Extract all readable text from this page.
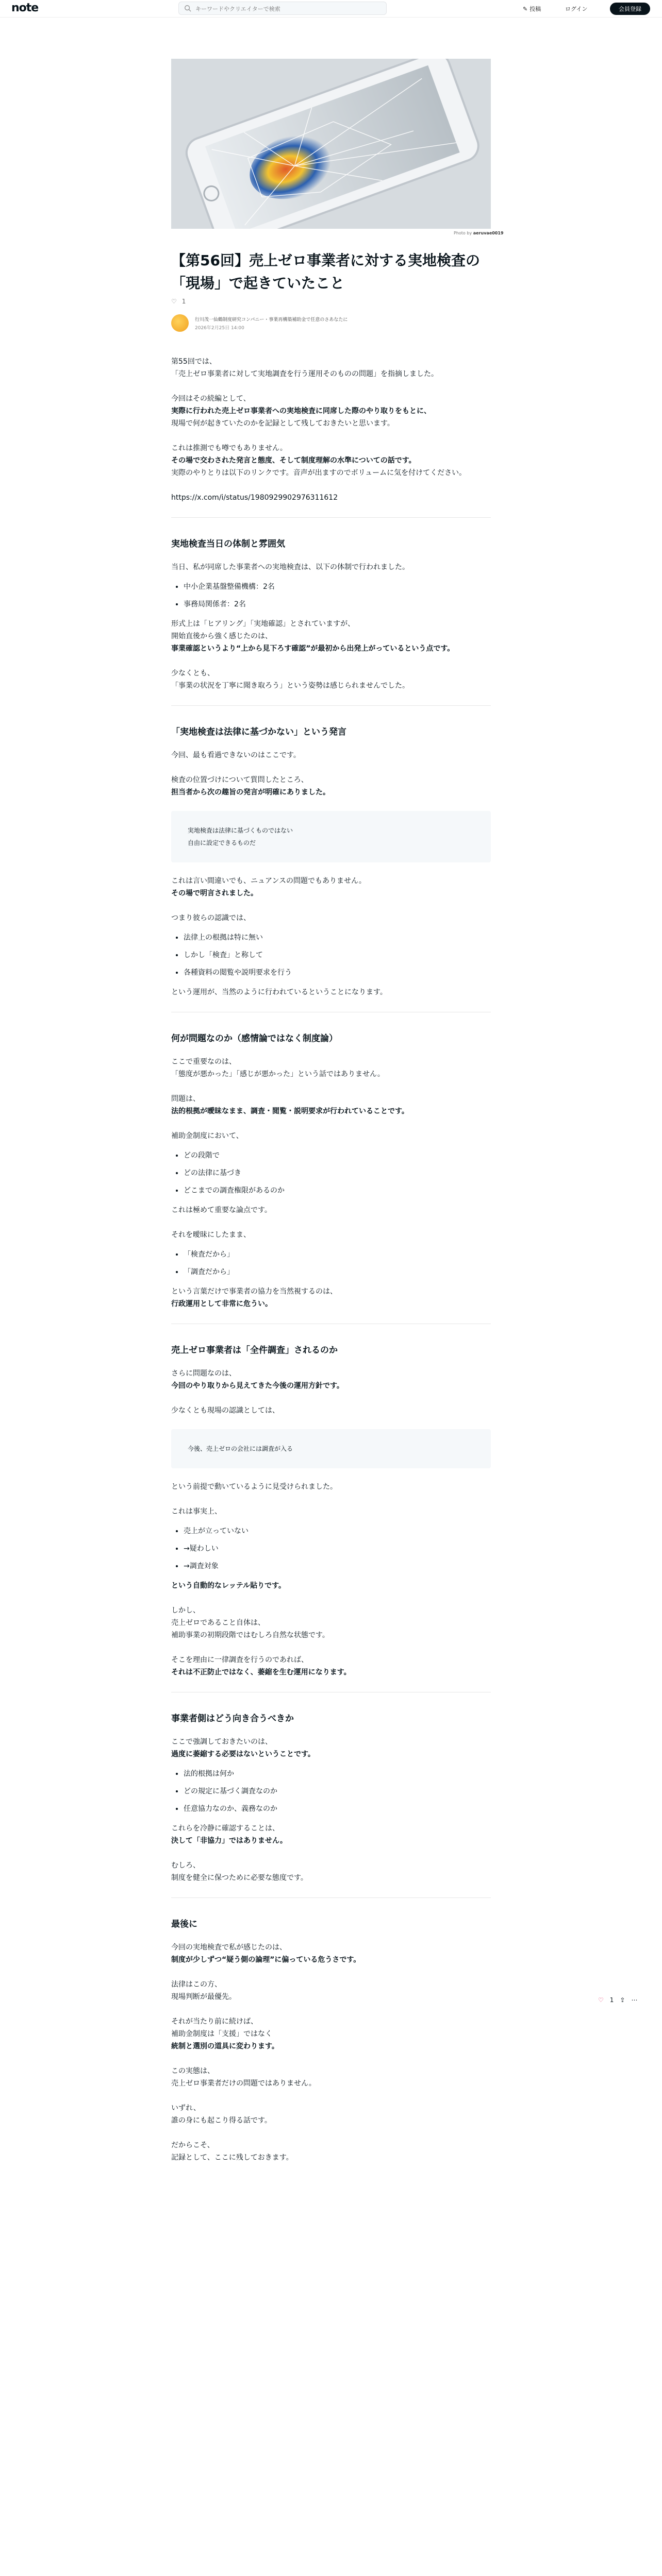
note
キーワードやクリエイターで検索	✎ 投稿	ログイン	会員登録
Photo by aeruvae0019
【第56回】売上ゼロ事業者に対する実地検査の「現場」で起きていたこと
♡ 1
行川茂一仙鶴制度研究コンパニー・事業再構築補助金で任意のさあなたに
2026年2月25日 14:00

第55回では、

「売上ゼロ事業者に対して実地調査を行う運用そのものの問題」を指摘しました。

今回はその続編として、

実際に行われた売上ゼロ事業者への実地検査に同席した際のやり取りをもとに、

現場で何が起きていたのかを記録として残しておきたいと思います。

これは推測でも噂でもありません。

その場で交わされた発言と態度、そして制度理解の水準についての話です。

実際のやりとりは以下のリンクです。音声が出ますのでボリュームに気を付けてください。

https://x.com/i/status/1980929902976311612

実地検査当日の体制と雰囲気

当日、私が同席した事業者への実地検査は、以下の体制で行われました。

• 中小企業基盤整備機構：2名
• 事務局関係者：2名

形式上は「ヒアリング」「実地確認」とされていますが、

開始直後から強く感じたのは、

事業確認というより“上から見下ろす確認”が最初から出発上がっているという点です。

少なくとも、

「事業の状況を丁寧に聞き取ろう」という姿勢は感じられませんでした。

「実地検査は法律に基づかない」という発言

今回、最も看過できないのはここです。

検査の位置づけについて質問したところ、

担当者から次の趣旨の発言が明確にありました。

実地検査は法律に基づくものではない

自由に設定できるものだ

これは言い間違いでも、ニュアンスの問題でもありません。

その場で明言されました。

つまり彼らの認識では、

• 法律上の根拠は特に無い
• しかし「検査」と称して
• 各種資料の閲覧や説明要求を行う

という運用が、当然のように行われているということになります。

何が問題なのか（感情論ではなく制度論）

ここで重要なのは、

「態度が悪かった」「感じが悪かった」という話ではありません。

問題は、

法的根拠が曖昧なまま、調査・閲覧・説明要求が行われていることです。

補助金制度において、

• どの段階で
• どの法律に基づき
• どこまでの調査権限があるのか

これは極めて重要な論点です。

それを曖昧にしたまま、

• 「検査だから」
• 「調査だから」

という言葉だけで事業者の協力を当然視するのは、

行政運用として非常に危うい。

売上ゼロ事業者は「全件調査」されるのか

さらに問題なのは、

今回のやり取りから見えてきた今後の運用方針です。

少なくとも現場の認識としては、

今後、売上ゼロの会社には調査が入る

という前提で動いているように見受けられました。

これは事実上、

• 売上が立っていない
• →疑わしい
• →調査対象

という自動的なレッテル貼りです。

しかし、

売上ゼロであること自体は、

補助事業の初期段階ではむしろ自然な状態です。

そこを理由に一律調査を行うのであれば、

それは不正防止ではなく、萎縮を生む運用になります。

事業者側はどう向き合うべきか

ここで強調しておきたいのは、

過度に萎縮する必要はないということです。

• 法的根拠は何か
• どの規定に基づく調査なのか
• 任意協力なのか、義務なのか

これらを冷静に確認することは、

決して「非協力」ではありません。

むしろ、

制度を健全に保つために必要な態度です。

最後に

今回の実地検査で私が感じたのは、

制度が少しずつ“疑う側の論理”に偏っている危うさです。

法律はこの方、

現場判断が最優先。

それが当たり前に続けば、

補助金制度は「支援」ではなく

統制と選別の道具に変わります。

この実態は、

売上ゼロ事業者だけの問題ではありません。

いずれ、

誰の身にも起こり得る話です。

だからこそ、

記録として、ここに残しておきます。

♡ 1 ⇪ ⋯
